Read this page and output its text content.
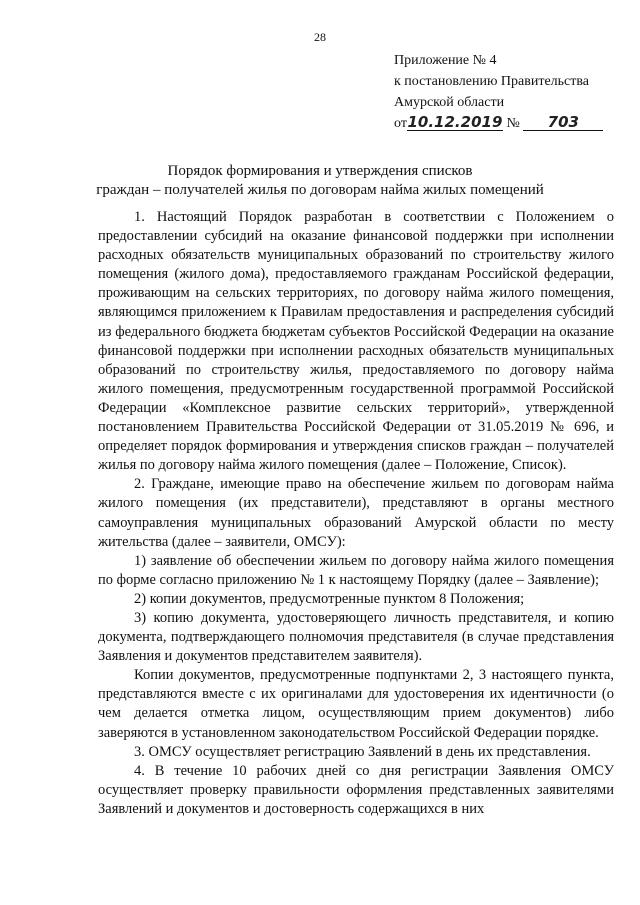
28
Приложение № 4
к постановлению Правительства
Амурской области
от10.12.2019 № 703
Порядок формирования и утверждения списков
граждан – получателей жилья по договорам найма жилых помещений

1. Настоящий Порядок разработан в соответствии с Положением о предоставлении субсидий на оказание финансовой поддержки при исполнении расходных обязательств муниципальных образований по строительству жилого помещения (жилого дома), предоставляемого гражданам Российской федерации, проживающим на сельских территориях, по договору найма жилого помещения, являющимся приложением к Правилам предоставления и распределения субсидий из федерального бюджета бюджетам субъектов Российской Федерации на оказание финансовой поддержки при исполнении расходных обязательств муниципальных образований по строительству жилья, предоставляемого по договору найма жилого помещения, предусмотренным государственной программой Российской Федерации «Комплексное развитие сельских территорий», утвержденной постановлением Правительства Российской Федерации от 31.05.2019 № 696, и определяет порядок формирования и утверждения списков граждан – получателей жилья по договору найма жилого помещения (далее – Положение, Список).

2. Граждане, имеющие право на обеспечение жильем по договорам найма жилого помещения (их представители), представляют в органы местного самоуправления муниципальных образований Амурской области по месту жительства (далее – заявители, ОМСУ):

1) заявление об обеспечении жильем по договору найма жилого помещения по форме согласно приложению № 1 к настоящему Порядку (далее – Заявление);

2) копии документов, предусмотренные пунктом 8 Положения;

3) копию документа, удостоверяющего личность представителя, и копию документа, подтверждающего полномочия представителя (в случае представления Заявления и документов представителем заявителя).

Копии документов, предусмотренные подпунктами 2, 3 настоящего пункта, представляются вместе с их оригиналами для удостоверения их идентичности (о чем делается отметка лицом, осуществляющим прием документов) либо заверяются в установленном законодательством Российской Федерации порядке.

3. ОМСУ осуществляет регистрацию Заявлений в день их представления.

4. В течение 10 рабочих дней со дня регистрации Заявления ОМСУ осуществляет проверку правильности оформления представленных заявителями Заявлений и документов и достоверность содержащихся в них
